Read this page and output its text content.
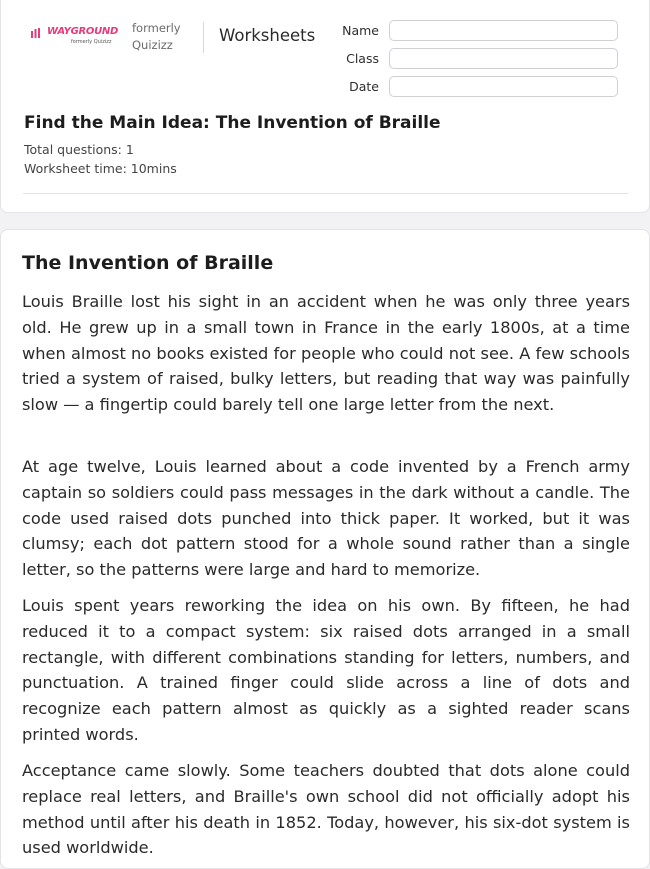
WAYGROUND
formerly Quizizz
formerly
Quizizz	Worksheets	Name
Class
Date
Find the Main Idea: The Invention of Braille
Total questions: 1
Worksheet time: 10mins
The Invention of Braille

Louis Braille lost his sight in an accident when he was only three years old. He grew up in a small town in France in the early 1800s, at a time when almost no books existed for people who could not see. A few schools tried a system of raised, bulky letters, but reading that way was painfully slow — a fingertip could barely tell one large letter from the next.

At age twelve, Louis learned about a code invented by a French army captain so soldiers could pass messages in the dark without a candle. The code used raised dots punched into thick paper. It worked, but it was clumsy; each dot pattern stood for a whole sound rather than a single letter, so the patterns were large and hard to memorize.

Louis spent years reworking the idea on his own. By fifteen, he had reduced it to a compact system: six raised dots arranged in a small rectangle, with different combinations standing for letters, numbers, and punctuation. A trained finger could slide across a line of dots and recognize each pattern almost as quickly as a sighted reader scans printed words.

Acceptance came slowly. Some teachers doubted that dots alone could replace real letters, and Braille's own school did not officially adopt his method until after his death in 1852. Today, however, his six-dot system is used worldwide.
